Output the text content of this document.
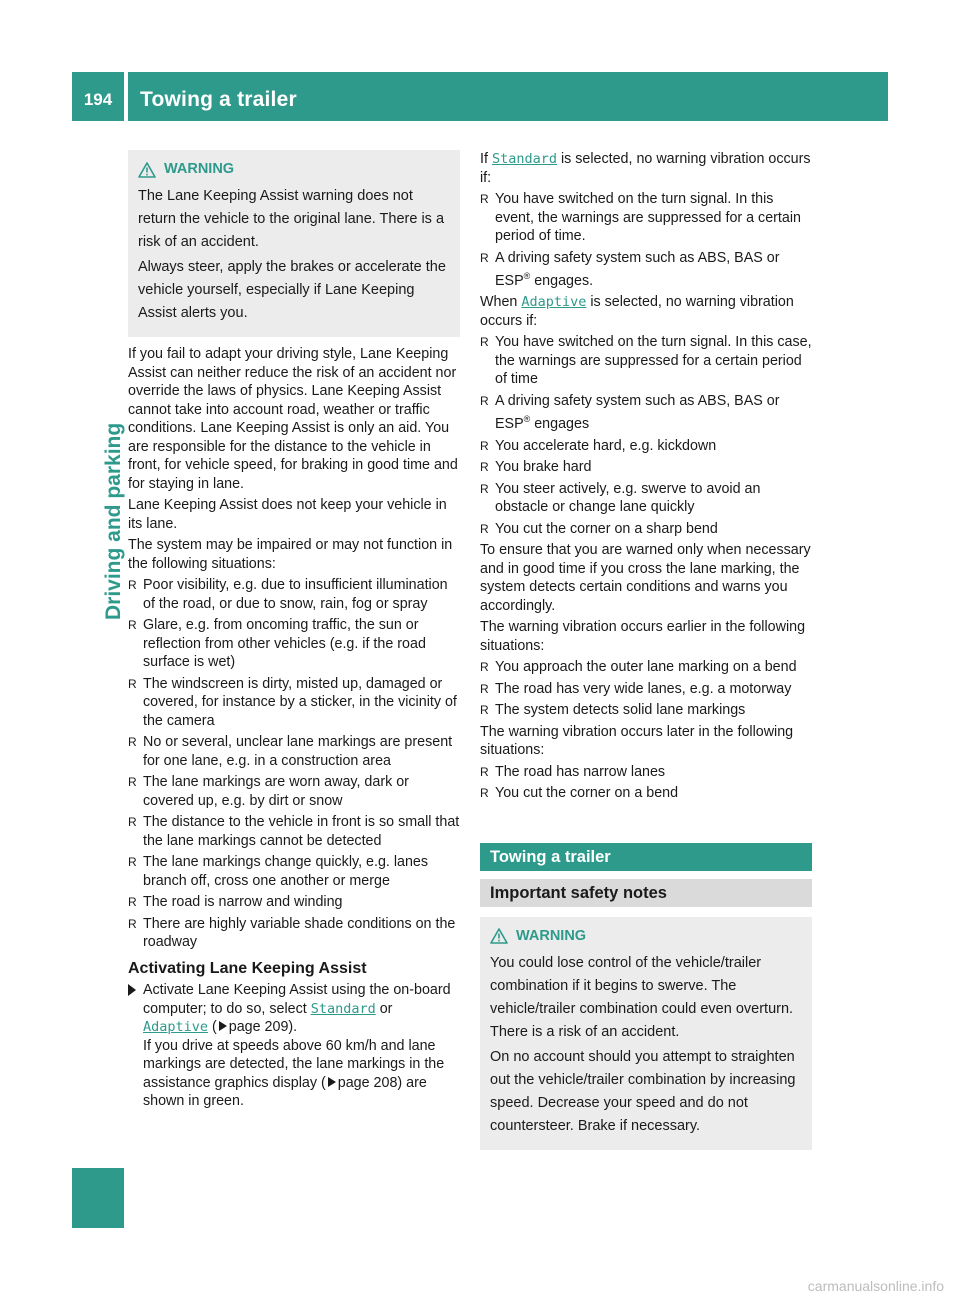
194	Towing a trailer
Driving and parking
WARNING

The Lane Keeping Assist warning does not return the vehicle to the original lane. There is a risk of an accident.

Always steer, apply the brakes or accelerate the vehicle yourself, especially if Lane Keeping Assist alerts you.

If you fail to adapt your driving style, Lane Keeping Assist can neither reduce the risk of an accident nor override the laws of physics. Lane Keeping Assist cannot take into account road, weather or traffic conditions. Lane Keeping Assist is only an aid. You are responsible for the distance to the vehicle in front, for vehicle speed, for braking in good time and for staying in lane.

Lane Keeping Assist does not keep your vehicle in its lane.

The system may be impaired or may not function in the following situations:

R Poor visibility, e.g. due to insufficient illumination of the road, or due to snow, rain, fog or spray
R Glare, e.g. from oncoming traffic, the sun or reflection from other vehicles (e.g. if the road surface is wet)
R The windscreen is dirty, misted up, damaged or covered, for instance by a sticker, in the vicinity of the camera
R No or several, unclear lane markings are present for one lane, e.g. in a construction area
R The lane markings are worn away, dark or covered up, e.g. by dirt or snow
R The distance to the vehicle in front is so small that the lane markings cannot be detected
R The lane markings change quickly, e.g. lanes branch off, cross one another or merge
R The road is narrow and winding
R There are highly variable shade conditions on the roadway
Activating Lane Keeping Assist
Activate Lane Keeping Assist using the on-board computer; to do so, select Standard or Adaptive ( page 209).
If you drive at speeds above 60 km/h and lane markings are detected, the lane markings in the assistance graphics display ( page 208) are shown in green.

If Standard is selected, no warning vibration occurs if:

R You have switched on the turn signal. In this event, the warnings are suppressed for a certain period of time.
R A driving safety system such as ABS, BAS or ESP® engages.

When Adaptive is selected, no warning vibration occurs if:

R You have switched on the turn signal. In this case, the warnings are suppressed for a certain period of time
R A driving safety system such as ABS, BAS or ESP® engages
R You accelerate hard, e.g. kickdown
R You brake hard
R You steer actively, e.g. swerve to avoid an obstacle or change lane quickly
R You cut the corner on a sharp bend

To ensure that you are warned only when necessary and in good time if you cross the lane marking, the system detects certain conditions and warns you accordingly.

The warning vibration occurs earlier in the following situations:

R You approach the outer lane marking on a bend
R The road has very wide lanes, e.g. a motorway
R The system detects solid lane markings

The warning vibration occurs later in the following situations:

R The road has narrow lanes
R You cut the corner on a bend
Towing a trailer
Important safety notes
WARNING

You could lose control of the vehicle/trailer combination if it begins to swerve. The vehicle/trailer combination could even overturn. There is a risk of an accident.

On no account should you attempt to straighten out the vehicle/trailer combination by increasing speed. Decrease your speed and do not countersteer. Brake if necessary.

carmanualsonline.info
